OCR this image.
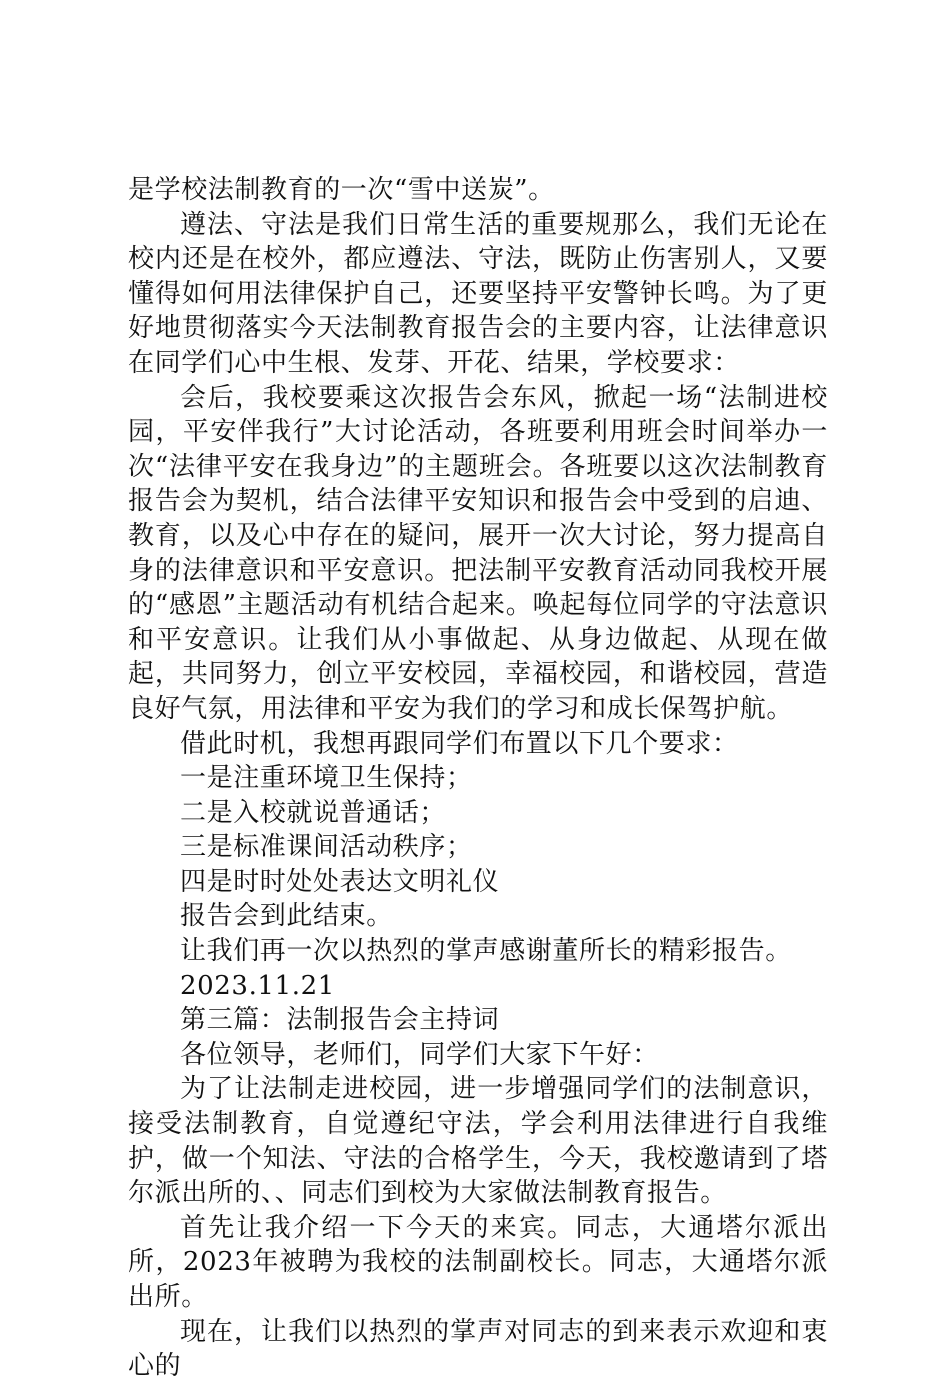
是学校法制教育的一次“雪中送炭”。

遵法、守法是我们日常生活的重要规那么，我们无论在校内还是在校外，都应遵法、守法，既防止伤害别人，又要懂得如何用法律保护自己，还要坚持平安警钟长鸣。为了更好地贯彻落实今天法制教育报告会的主要内容，让法律意识在同学们心中生根、发芽、开花、结果，学校要求：

会后，我校要乘这次报告会东风，掀起一场“法制进校园，平安伴我行”大讨论活动，各班要利用班会时间举办一次“法律平安在我身边”的主题班会。各班要以这次法制教育报告会为契机，结合法律平安知识和报告会中受到的启迪、教育，以及心中存在的疑问，展开一次大讨论，努力提高自身的法律意识和平安意识。把法制平安教育活动同我校开展的“感恩”主题活动有机结合起来。唤起每位同学的守法意识和平安意识。让我们从小事做起、从身边做起、从现在做起，共同努力，创立平安校园，幸福校园，和谐校园，营造良好气氛，用法律和平安为我们的学习和成长保驾护航。

借此时机，我想再跟同学们布置以下几个要求：

一是注重环境卫生保持；

二是入校就说普通话；

三是标准课间活动秩序；

四是时时处处表达文明礼仪

报告会到此结束。

让我们再一次以热烈的掌声感谢董所长的精彩报告。

2023.11.21

第三篇：法制报告会主持词

各位领导，老师们，同学们大家下午好：

为了让法制走进校园，进一步增强同学们的法制意识，接受法制教育，自觉遵纪守法，学会利用法律进行自我维护，做一个知法、守法的合格学生，今天，我校邀请到了塔尔派出所的、、同志们到校为大家做法制教育报告。

首先让我介绍一下今天的来宾。同志，大通塔尔派出所，2023年被聘为我校的法制副校长。同志，大通塔尔派出所。

现在，让我们以热烈的掌声对同志的到来表示欢迎和衷心的
